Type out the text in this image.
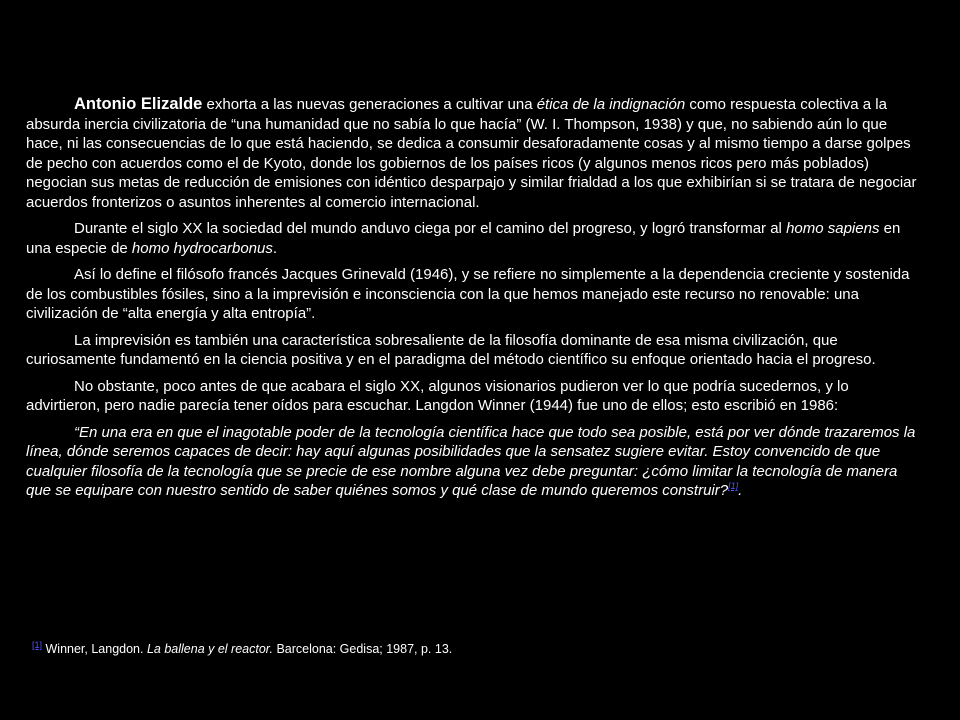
Antonio Elizalde exhorta a las nuevas generaciones a cultivar una ética de la indignación como respuesta colectiva a la absurda inercia civilizatoria de “una humanidad que no sabía lo que hacía” (W. I. Thompson, 1938) y que, no sabiendo aún lo que hace, ni las consecuencias de lo que está haciendo, se dedica a consumir desaforadamente cosas y al mismo tiempo a darse golpes de pecho con acuerdos como el de Kyoto, donde los gobiernos de los países ricos (y algunos menos ricos pero más poblados) negocian sus metas de reducción de emisiones con idéntico desparpajo y similar frialdad a los que exhibirían si se tratara de negociar acuerdos fronterizos o asuntos inherentes al comercio internacional.

Durante el siglo XX la sociedad del mundo anduvo ciega por el camino del progreso, y logró transformar al homo sapiens en una especie de homo hydrocarbonus.

Así lo define el filósofo francés Jacques Grinevald (1946), y se refiere no simplemente a la dependencia creciente y sostenida de los combustibles fósiles, sino a la imprevisión e inconsciencia con la que hemos manejado este recurso no renovable: una civilización de “alta energía y alta entropía”.

La imprevisión es también una característica sobresaliente de la filosofía dominante de esa misma civilización, que curiosamente fundamentó en la ciencia positiva y en el paradigma del método científico su enfoque orientado hacia el progreso.

No obstante, poco antes de que acabara el siglo XX, algunos visionarios pudieron ver lo que podría sucedernos, y lo advirtieron, pero nadie parecía tener oídos para escuchar. Langdon Winner (1944) fue uno de ellos; esto escribió en 1986:

“En una era en que el inagotable poder de la tecnología científica hace que todo sea posible, está por ver dónde trazaremos la línea, dónde seremos capaces de decir: hay aquí algunas posibilidades que la sensatez sugiere evitar. Estoy convencido de que cualquier filosofía de la tecnología que se precie de ese nombre alguna vez debe preguntar: ¿cómo limitar la tecnología de manera que se equipare con nuestro sentido de saber quiénes somos y qué clase de mundo queremos construir?[1].

[1] Winner, Langdon. La ballena y el reactor. Barcelona: Gedisa; 1987, p. 13.
